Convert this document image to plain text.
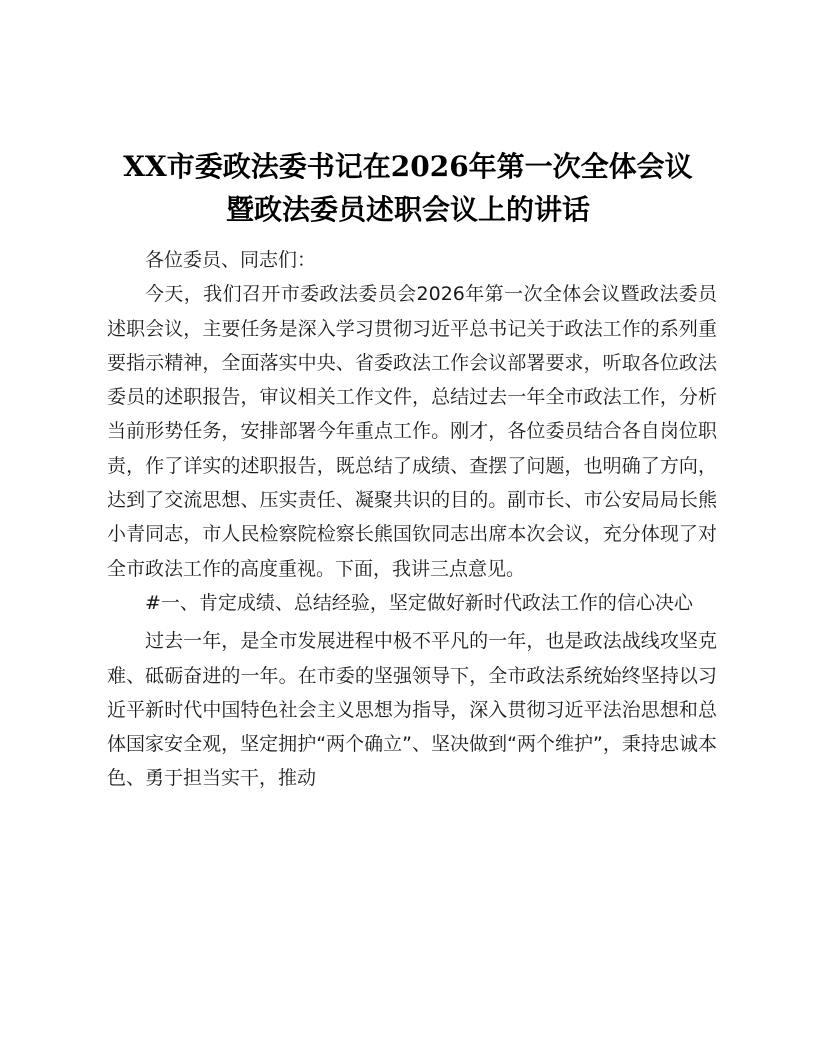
XX市委政法委书记在2026年第一次全体会议
暨政法委员述职会议上的讲话

各位委员、同志们：

今天，我们召开市委政法委员会2026年第一次全体会议暨政法委员述职会议，主要任务是深入学习贯彻习近平总书记关于政法工作的系列重要指示精神，全面落实中央、省委政法工作会议部署要求，听取各位政法委员的述职报告，审议相关工作文件，总结过去一年全市政法工作，分析当前形势任务，安排部署今年重点工作。刚才，各位委员结合各自岗位职责，作了详实的述职报告，既总结了成绩、查摆了问题，也明确了方向，达到了交流思想、压实责任、凝聚共识的目的。副市长、市公安局局长熊小青同志，市人民检察院检察长熊国钦同志出席本次会议，充分体现了对全市政法工作的高度重视。下面，我讲三点意见。

#一、肯定成绩、总结经验，坚定做好新时代政法工作的信心决心

过去一年，是全市发展进程中极不平凡的一年，也是政法战线攻坚克难、砥砺奋进的一年。在市委的坚强领导下，全市政法系统始终坚持以习近平新时代中国特色社会主义思想为指导，深入贯彻习近平法治思想和总体国家安全观，坚定拥护“两个确立”、坚决做到“两个维护”，秉持忠诚本色、勇于担当实干，推动
